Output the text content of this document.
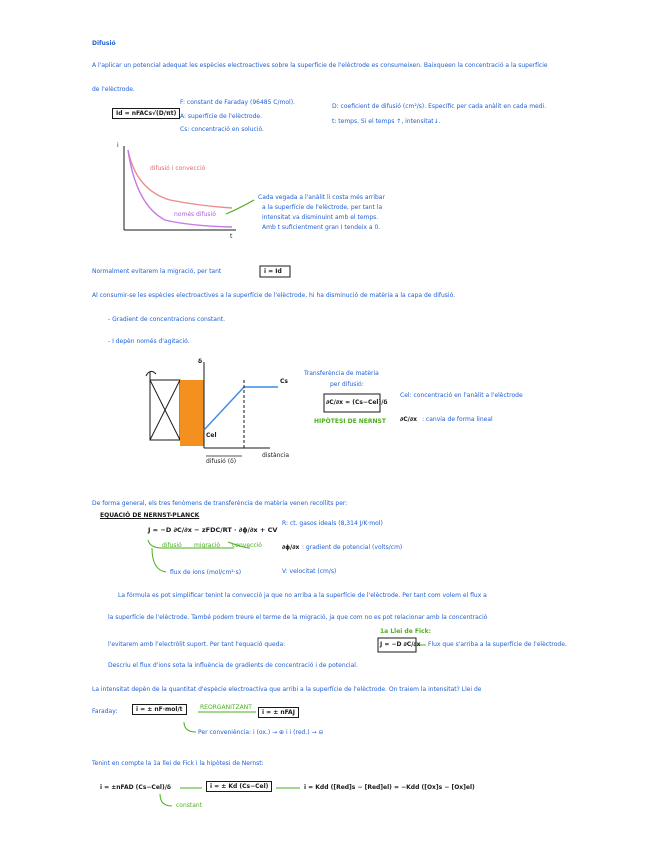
Difusió
A l'aplicar un potencial adequat les espècies electroactives sobre la superfície de l'elèctrode es consumeixen. Baixqueen la concentració a la superfície
de l'elèctrode.
Id = nFACs√(D/πt)
F: constant de Faraday (96485 C/mol).
A: superfície de l'elèctrode.
Cs: concentració en solució.
D: coeficient de difusió (cm²/s). Específic per cada anàlit en cada medi.
t: temps. Si el temps ↑, intensitat↓.
i
t
difusió i convecció
només difusió
Cada vegada a l'anàlit li costa més arribar
a la superfície de l'elèctrode, per tant la
intensitat va disminuint amb el temps.
Amb t suficientment gran I tendeix a 0.
Normalment evitarem la migració, per tant	i = Id
Al consumir-se les espècies electroactives a la superfície de l'elèctrode, hi ha disminució de matèria a la capa de difusió.
- Gradient de concentracions constant.
- I depèn només d'agitació.
δ
Cs
Cel
difusió (δ)
distància
Transferència de matèria
per difusió:
∂C/∂x = (Cs−Cel)/δ
HIPÒTESI DE NERNST
Cel: concentració en l'anàlit a l'elèctrode
∂C/∂x : canvia de forma lineal
De forma general, els tres fenòmens de transferència de matèria venen recollits per:
EQUACIÓ DE NERNST-PLANCK
J = −D ∂C/∂x − zFDC/RT · ∂ϕ/∂x + CV
difusió migració convecció
flux de ions (mol/cm²·s)
R: ct. gasos ideals (8,314 J/K·mol)
∂ϕ/∂x : gradient de potencial (volts/cm)
V: velocitat (cm/s)
La fórmula es pot simplificar tenint la convecció ja que no arriba a la superfície de l'elèctrode. Per tant com volem el flux a
la superfície de l'elèctrode. També podem treure el terme de la migració, ja que com no es pot relacionar amb la concentració
l'evitarem amb l'electròlit suport. Per tant l'equació queda:
1a Llei de Fick:
J = −D ∂C/∂x Flux que s'arriba a la superfície de l'elèctrode.
Descriu el flux d'ions sota la influència de gradients de concentració i de potencial.
La intensitat depèn de la quantitat d'espècie electroactiva que arribi a la superfície de l'elèctrode. On traiem la intensitat? Llei de
Faraday:	i = ± nF·mol/t	REORGANITZANT
i = ± nFAJ
Per conveniència: i (ox.) → ⊕ i i (red.) → ⊖
Tenint en compte la 1a llei de Fick i la hipòtesi de Nernst:
i = ±nFAD (Cs−Cel)/δ	i = ± Kd (Cs−Cel)	i = Kdd ([Red]s − [Red]el) = −Kdd ([Ox]s − [Ox]el)
constant
